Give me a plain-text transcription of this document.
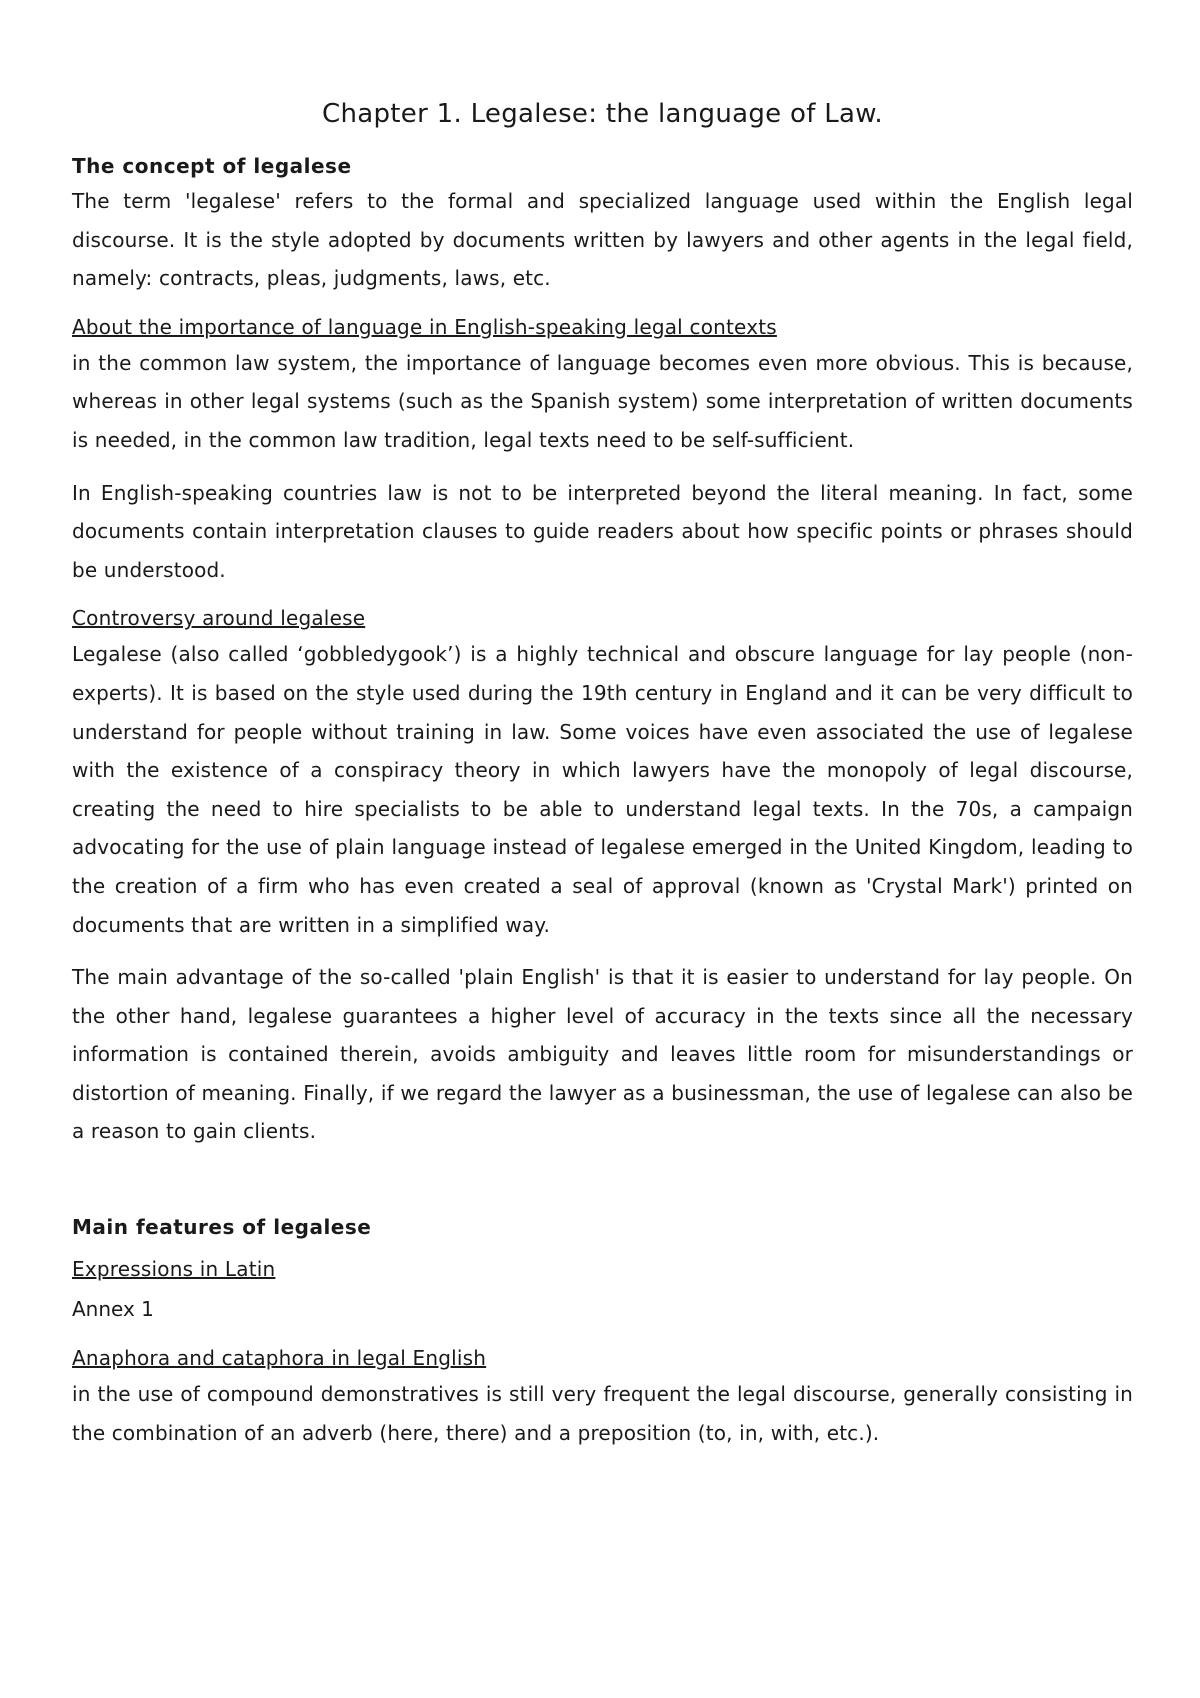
Chapter 1. Legalese: the language of Law.
The concept of legalese

The term 'legalese' refers to the formal and specialized language used within the English legal discourse. It is the style adopted by documents written by lawyers and other agents in the legal field, namely: contracts, pleas, judgments, laws, etc.

About the importance of language in English-speaking legal contexts

in the common law system, the importance of language becomes even more obvious. This is because, whereas in other legal systems (such as the Spanish system) some interpretation of written documents is needed, in the common law tradition, legal texts need to be self-sufficient.

In English-speaking countries law is not to be interpreted beyond the literal meaning. In fact, some documents contain interpretation clauses to guide readers about how specific points or phrases should be understood.

Controversy around legalese

Legalese (also called ‘gobbledygook’) is a highly technical and obscure language for lay people (non-experts). It is based on the style used during the 19th century in England and it can be very difficult to understand for people without training in law. Some voices have even associated the use of legalese with the existence of a conspiracy theory in which lawyers have the monopoly of legal discourse, creating the need to hire specialists to be able to understand legal texts. In the 70s, a campaign advocating for the use of plain language instead of legalese emerged in the United Kingdom, leading to the creation of a firm who has even created a seal of approval (known as 'Crystal Mark') printed on documents that are written in a simplified way.

The main advantage of the so-called 'plain English' is that it is easier to understand for lay people. On the other hand, legalese guarantees a higher level of accuracy in the texts since all the necessary information is contained therein, avoids ambiguity and leaves little room for misunderstandings or distortion of meaning. Finally, if we regard the lawyer as a businessman, the use of legalese can also be a reason to gain clients.

Main features of legalese
Expressions in Latin
Annex 1
Anaphora and cataphora in legal English

in the use of compound demonstratives is still very frequent the legal discourse, generally consisting in the combination of an adverb (here, there) and a preposition (to, in, with, etc.).
